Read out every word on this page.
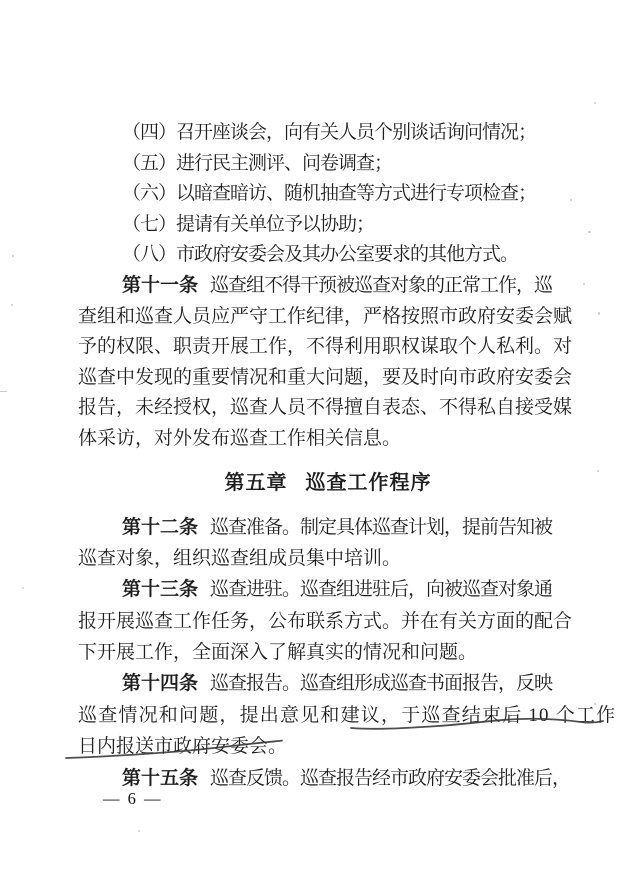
（四）召开座谈会，向有关人员个别谈话询问情况；
（五）进行民主测评、问卷调查；
（六）以暗查暗访、随机抽查等方式进行专项检查；
（七）提请有关单位予以协助；
（八）市政府安委会及其办公室要求的其他方式。
第十一条 巡查组不得干预被巡查对象的正常工作，巡
查组和巡查人员应严守工作纪律，严格按照市政府安委会赋
予的权限、职责开展工作，不得利用职权谋取个人私利。对
巡查中发现的重要情况和重大问题，要及时向市政府安委会
报告，未经授权，巡查人员不得擅自表态、不得私自接受媒
体采访，对外发布巡查工作相关信息。
第五章 巡查工作程序
第十二条 巡查准备。制定具体巡查计划，提前告知被
巡查对象，组织巡查组成员集中培训。
第十三条 巡查进驻。巡查组进驻后，向被巡查对象通
报开展巡查工作任务，公布联系方式。并在有关方面的配合
下开展工作，全面深入了解真实的情况和问题。
第十四条 巡查报告。巡查组形成巡查书面报告，反映
巡查情况和问题，提出意见和建议，于巡查结束后 10 个工作
日内报送市政府安委会。
第十五条 巡查反馈。巡查报告经市政府安委会批准后，
— 6 —
